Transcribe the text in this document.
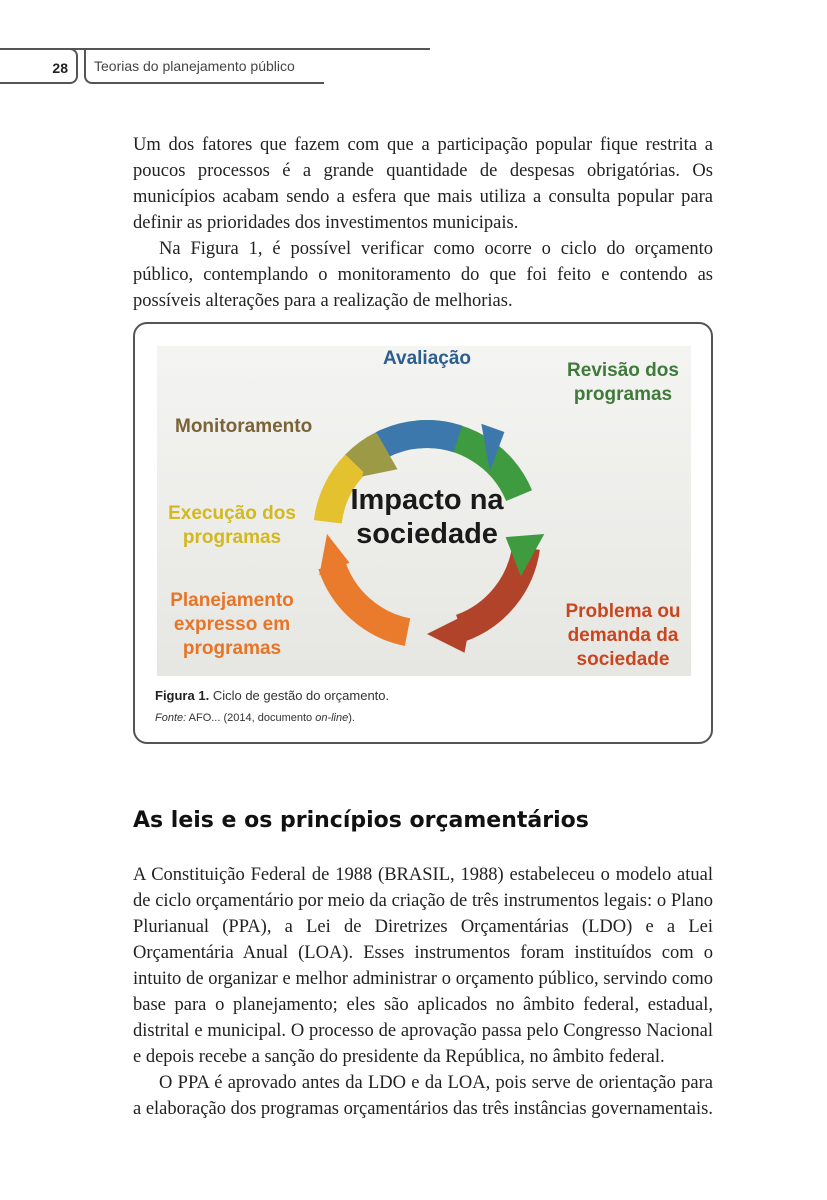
28	Teorias do planejamento público

Um dos fatores que fazem com que a participação popular fique restrita a poucos processos é a grande quantidade de despesas obrigatórias. Os municípios acabam sendo a esfera que mais utiliza a consulta popular para definir as prioridades dos investimentos municipais.

Na Figura 1, é possível verificar como ocorre o ciclo do orçamento público, contemplando o monitoramento do que foi feito e contendo as possíveis alterações para a realização de melhorias.

Impacto na
sociedade
Avaliação
Revisão dos
programas
Monitoramento
Execução dos
programas
Planejamento
expresso em
programas
Problema ou
demanda da
sociedade
Figura 1. Ciclo de gestão do orçamento.
Fonte: AFO... (2014, documento on-line).
As leis e os princípios orçamentários

A Constituição Federal de 1988 (BRASIL, 1988) estabeleceu o modelo atual de ciclo orçamentário por meio da criação de três instrumentos legais: o Plano Plurianual (PPA), a Lei de Diretrizes Orçamentárias (LDO) e a Lei Orçamentária Anual (LOA). Esses instrumentos foram instituídos com o intuito de organizar e melhor administrar o orçamento público, servindo como base para o planejamento; eles são aplicados no âmbito federal, estadual, distrital e municipal. O processo de aprovação passa pelo Congresso Nacional e depois recebe a sanção do presidente da República, no âmbito federal.

O PPA é aprovado antes da LDO e da LOA, pois serve de orientação para a elaboração dos programas orçamentários das três instâncias governamentais.
